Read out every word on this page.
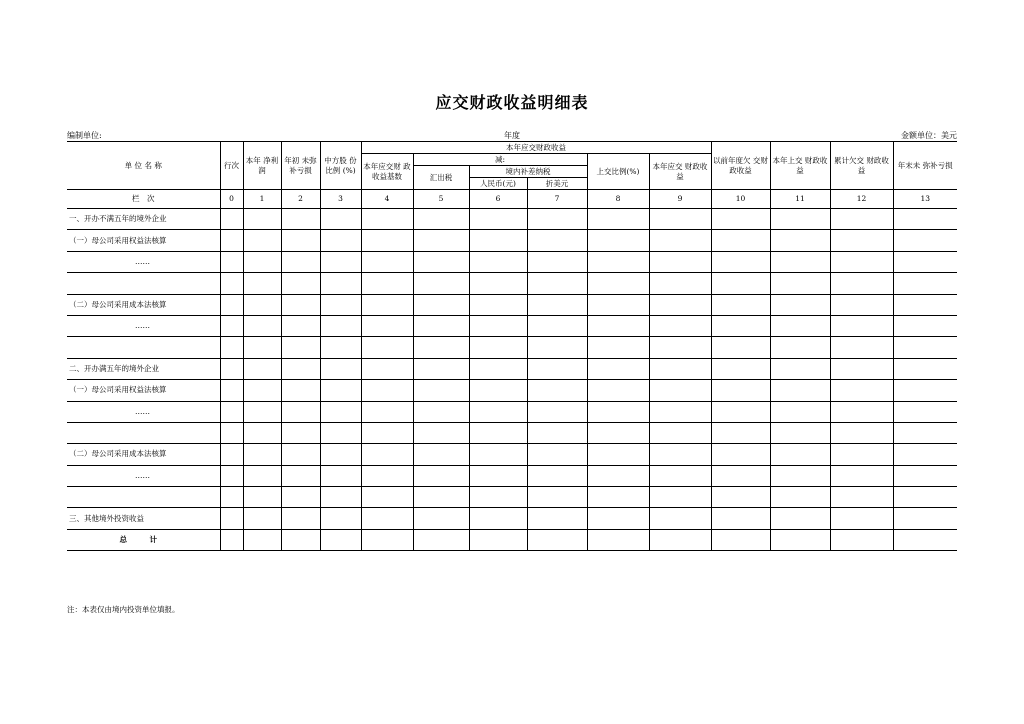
应交财政收益明细表
编制单位:	年度	金额单位：美元
单 位 名 称	行次	本年 净利润	年初 未弥 补亏损	中方股 份比例 (%)	本年应交财政收益						以前年度欠 交财政收益	本年上交 财政收益	累计欠交 财政收益	年末未 弥补亏损

					本年应交财 政收益基数	减:			上交比例(%)	本年应交 财政收益				

						汇出税	境内补差纳税							

							人民币(元)	折美元						

栏　次	0	1	2	3	4	5	6	7	8	9	10	11	12	13
一、开办不满五年的境外企业														
（一）母公司采用权益法核算														
……														

（二）母公司采用成本法核算														
……														

二、开办满五年的境外企业														
（一）母公司采用权益法核算														
……														

（二）母公司采用成本法核算														
……														

三、其他境外投资收益														
总 计														
注：本表仅由境内投资单位填报。
